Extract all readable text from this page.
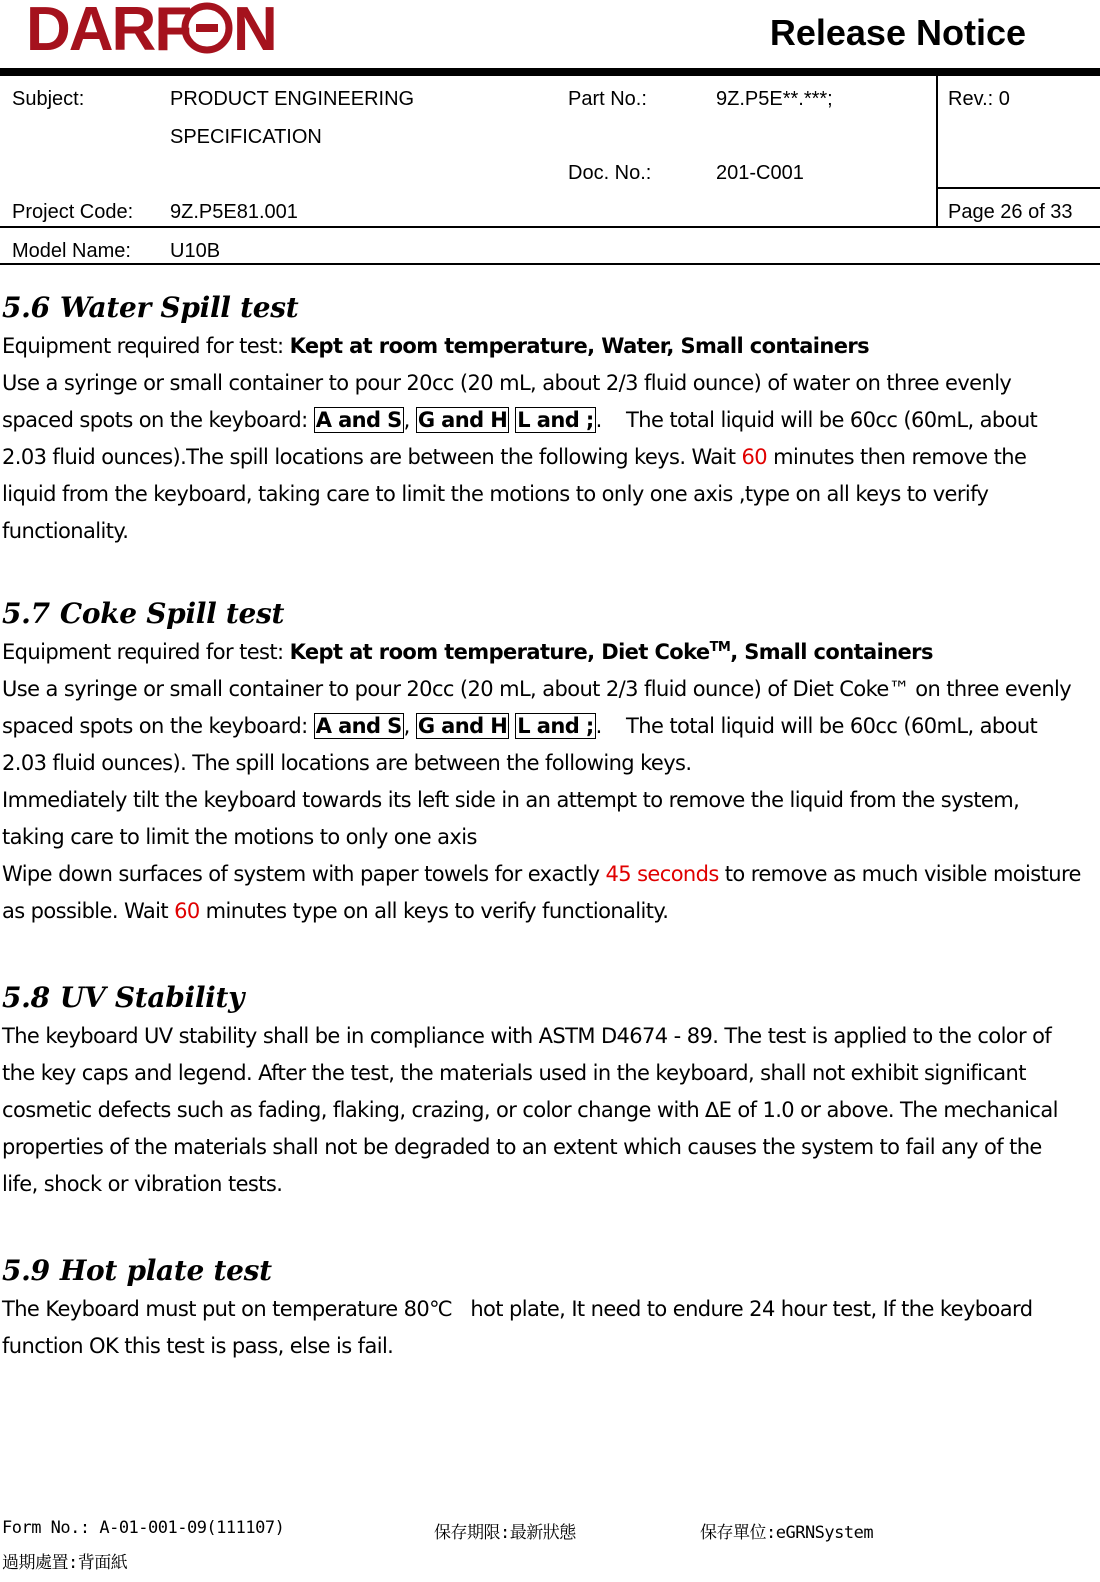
DARF N	Release Notice
Subject:	PRODUCT ENGINEERING
SPECIFICATION
Part No.:	9Z.P5E**.***;
Doc. No.:	201-C001
Rev.: 0
Project Code: 9Z.P5E81.001	Page 26 of 33
Model Name: U10B
5.6 Water Spill test

Equipment required for test: Kept at room temperature, Water, Small containers

Use a syringe or small container to pour 20cc (20 mL, about 2/3 fluid ounce) of water on three evenly spaced spots on the keyboard: A and S, G and H L and ;.    The total liquid will be 60cc (60mL, about 2.03 fluid ounces).The spill locations are between the following keys. Wait 60 minutes then remove the liquid from the keyboard, taking care to limit the motions to only one axis ,type on all keys to verify functionality.

5.7 Coke Spill test

Equipment required for test: Kept at room temperature, Diet Coke™, Small containers

Use a syringe or small container to pour 20cc (20 mL, about 2/3 fluid ounce) of Diet Coke™ on three evenly spaced spots on the keyboard: A and S, G and H L and ;.    The total liquid will be 60cc (60mL, about 2.03 fluid ounces). The spill locations are between the following keys.

Immediately tilt the keyboard towards its left side in an attempt to remove the liquid from the system, taking care to limit the motions to only one axis

Wipe down surfaces of system with paper towels for exactly 45 seconds to remove as much visible moisture as possible. Wait 60 minutes type on all keys to verify functionality.

5.8 UV Stability

The keyboard UV stability shall be in compliance with ASTM D4674 - 89. The test is applied to the color of the key caps and legend. After the test, the materials used in the keyboard, shall not exhibit significant cosmetic defects such as fading, flaking, crazing, or color change with ∆E of 1.0 or above. The mechanical properties of the materials shall not be degraded to an extent which causes the system to fail any of the life, shock or vibration tests.

5.9 Hot plate test

The Keyboard must put on temperature 80℃   hot plate, It need to endure 24 hour test, If the keyboard function OK this test is pass, else is fail.

Form No.: A-01-001-09(111107)	保存期限:最新狀態	保存單位:eGRNSystem
過期處置:背面紙
